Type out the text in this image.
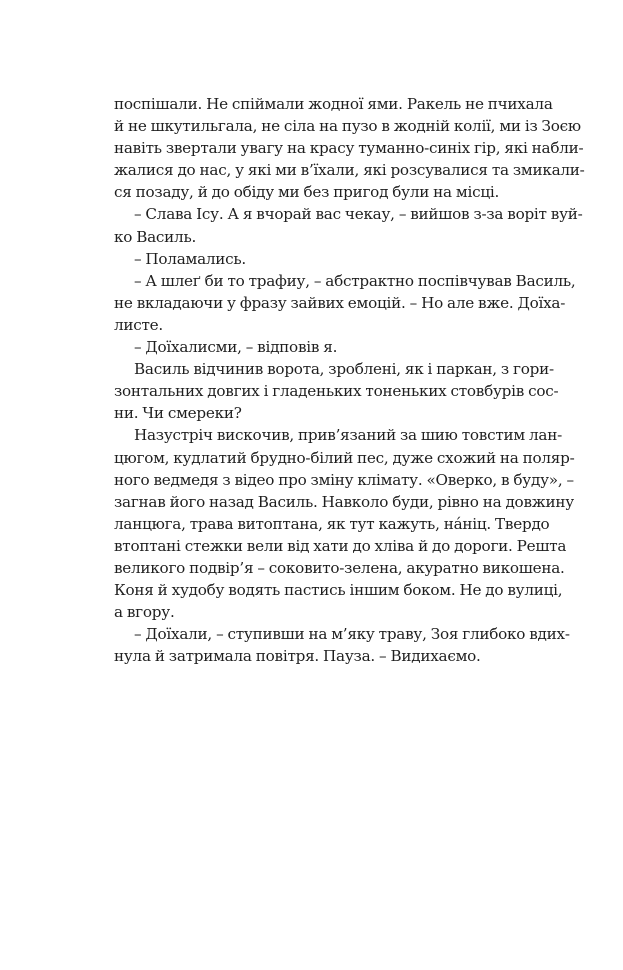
поспішали. Не спіймали жодної ями. Ракель не пчихала
й не шкутильгала, не сіла на пузо в жодній колії, ми із Зоєю
навіть звертали увагу на красу туманно-синіх гір, які набли-
жалися до нас, у які ми в’їхали, які розсувалися та змикали-
ся позаду, й до обіду ми без пригод були на місці.
– Слава Ісу. А я вчорай вас чекау, – вийшов з-за воріт вуй-
ко Василь.
– Поламались.
– А шлеґ би то трафиу, – абстрактно поспівчував Василь,
не вкладаючи у фразу зайвих емоцій. – Но але вже. Доїха-
листе.
– Доїхалисми, – відповів я.
Василь відчинив ворота, зроблені, як і паркан, з гори-
зонтальних довгих і гладеньких тоненьких стовбурів сос-
ни. Чи смереки?
Назустріч вискочив, прив’язаний за шию товстим лан-
цюгом, кудлатий брудно-білий пес, дуже схожий на поляр-
ного ведмедя з відео про зміну клімату. «Оверко, в буду», –
загнав його назад Василь. Навколо буди, рівно на довжину
ланцюга, трава витоптана, як тут кажуть, на́ніц. Твердо
втоптані стежки вели від хати до хліва й до дороги. Решта
великого подвір’я – соковито-зелена, акуратно викошена.
Коня й худобу водять пастись іншим боком. Не до вулиці,
а вгору.
– Доїхали, – ступивши на м’яку траву, Зоя глибоко вдих-
нула й затримала повітря. Пауза. – Видихаємо.
